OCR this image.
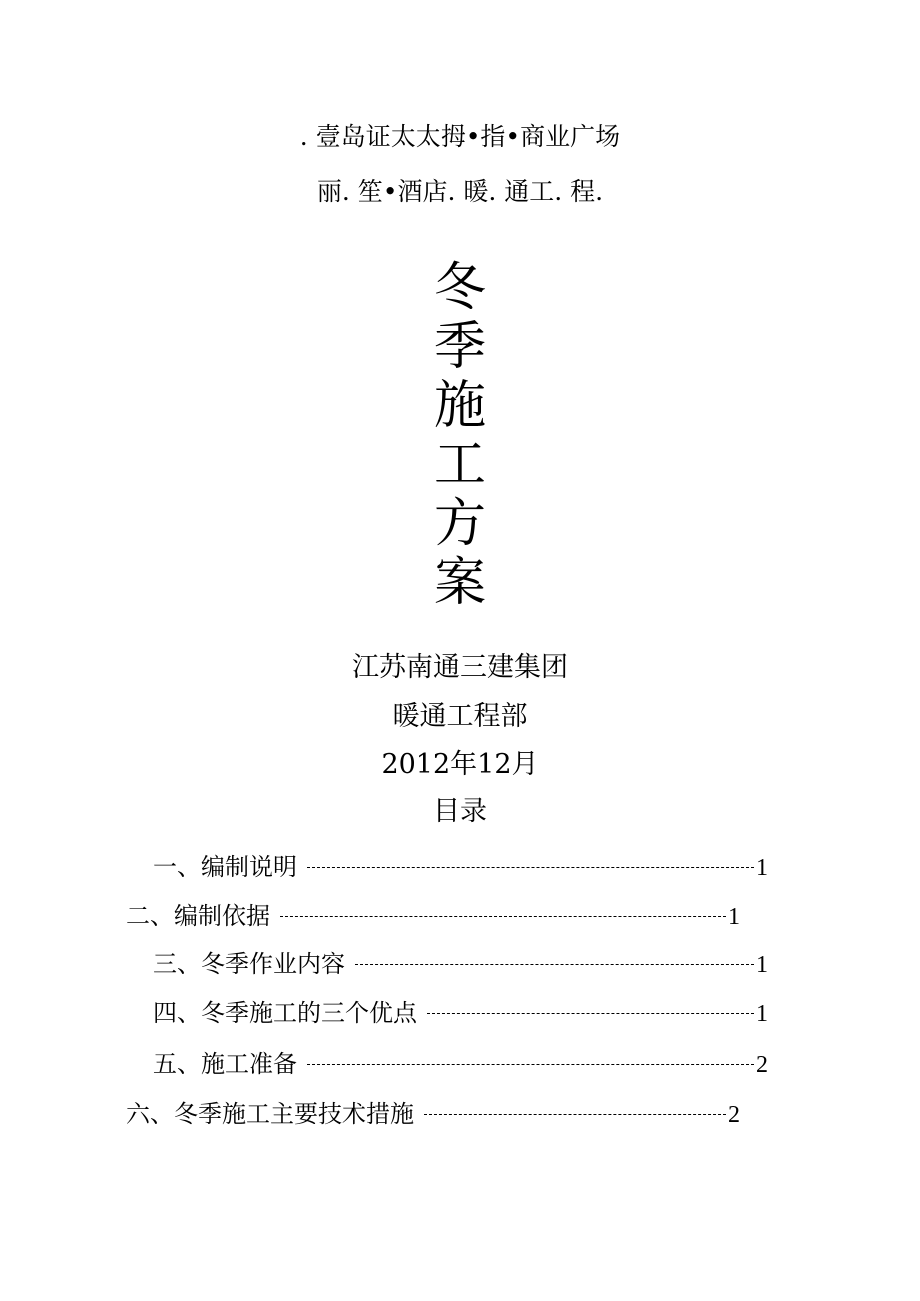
. 壹岛证太太拇•指•商业广场
丽. 笙•酒店. 暖. 通工. 程.
冬
季
施
工
方
案
江苏南通三建集团
暖通工程部
2012年12月
目录
一、编制说明	1
二、编制依据	1
三、冬季作业内容	1
四、冬季施工的三个优点	1
五、施工准备	2
六、冬季施工主要技术措施	2
